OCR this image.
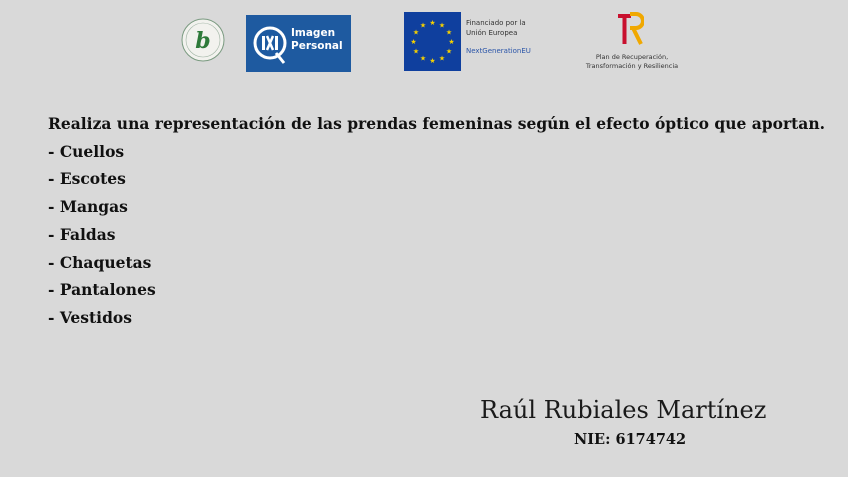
b	Imagen
Personal
★ ★
★
★
★
★
★
★
★
★
★
★	Financiado por la
Unión Europea
NextGenerationEU
Plan de Recuperación,
Transformación y Resiliencia
Realiza una representación de las prendas femeninas según el efecto óptico que aportan.
- Cuellos
- Escotes
- Mangas
- Faldas
- Chaquetas
- Pantalones
- Vestidos
Raúl Rubiales Martínez
NIE: 6174742
